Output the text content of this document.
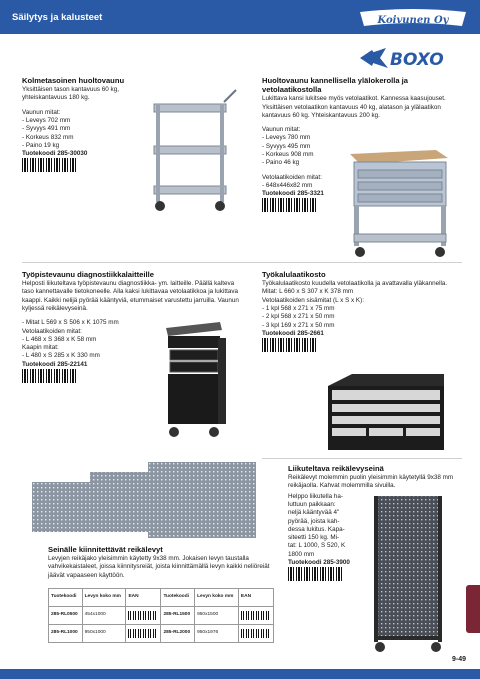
Säilytys ja kalusteet	Koivunen Oy
BOXO
Kolmetasoinen huoltovaunu

Yksittäisen tason kantavuus 60 kg, yhteiskantavuus 180 kg.

Vaunun mitat:

- Leveys 702 mm

- Syvyys 491 mm

- Korkeus 832 mm

- Paino 19 kg

Tuotekoodi 285-30030

Huoltovaunu kannellisella ylälokerolla ja vetolaatikostolla

Lukittava kansi lukitsee myös vetolaatikot. Kannessa kaasujouset. Yksittäisen vetolaatikon kantavuus 40 kg, alatason ja ylälaatikon kantavuus 60 kg. Yhteiskantavuus 200 kg.

Vaunun mitat:

- Leveys 780 mm

- Syvyys 495 mm

- Korkeus 908 mm

- Paino 46 kg

Vetolaatikoiden mitat:

- 648x446x82 mm

Tuotekoodi 285-3321

Työpistevaunu diagnostiikkalaitteille

Helposti liikuteltava työpistevaunu diagnostiikka- ym. laitteille. Päällä kalteva taso kannettavalle tietokoneelle. Alla kaksi lukittavaa vetolaatikkoa ja lukittava kaappi. Kaikki nelijä pyörää kääntyviä, etummaiset varustettu jarruilla. Vaunun kyljessä reikälevyseinä.

- Mitat L 569 x S 506 x K 1075 mm

Vetolaatikoiden mitat:

- L 468 x S 368 x K 58 mm

Kaapin mitat:

- L 480 x S 285 x K 330 mm

Tuotekoodi 285-22141

Työkalulaatikosto

Työkalulaatikosto kuudella vetolaatikolla ja avattavalla yläkannella.

Mitat: L 660 x S 307 x K 378 mm

Vetolaatikoiden sisämitat (L x S x K):

- 1 kpl 568 x 271 x 75 mm

- 2 kpl 568 x 271 x 50 mm

- 3 kpl 169 x 271 x 50 mm

Tuotekoodi 285-2661

Seinälle kiinnitettävät reikälevyt

Levyjen reikäjako yleisimmin käytetty 9x38 mm. Jokaisen levyn taustalla vahvikekaistaleet, joissa kiinnitysreiät, joista kiinnittämällä levyn kaikki neliöreiät jäävät vapaaseen käyttöön.

Liikuteltava reikälevyseinä

Reikälevyt molemmin puolin yleisimmin käytetyllä 9x38 mm reikäjaolla. Kahvat molemmilla sivuilla.

Helppo liikutella ha-

luttuun paikkaan:

neljä kääntyvää 4"

pyörää, joista kah-

dessa lukitus. Kapa-

siteetti 150 kg. Mi-

tat: L 1000, S 520, K

1800 mm

Tuotekoodi 285-3900

Tuotekoodi	Levyn koko mm	EAN	Tuotekoodi	Levyn koko mm	EAN
285-RL0500	454x1000		285-RL1500	950x1500	

285-RL1000	950x1000		285-RL2000	950x1976	
9-49
